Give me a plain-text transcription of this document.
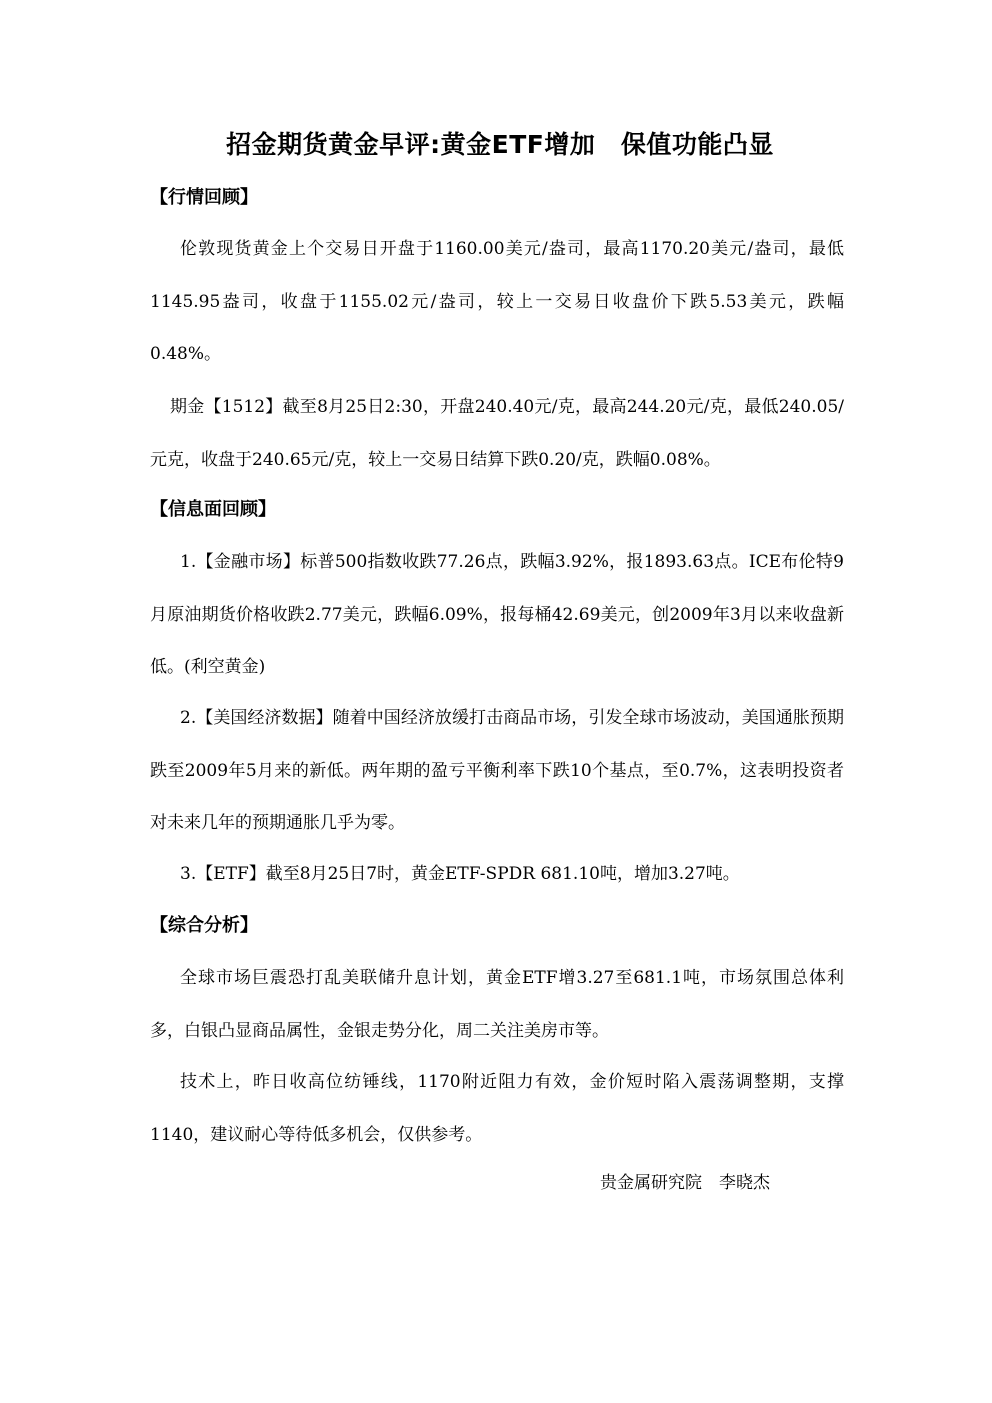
招金期货黄金早评:黄金ETF增加　保值功能凸显
【行情回顾】
伦敦现货黄金上个交易日开盘于1160.00美元/盎司，最高1170.20美元/盎司，最低1145.95盎司，收盘于1155.02元/盎司，较上一交易日收盘价下跌5.53美元，跌幅0.48%。
期金【1512】截至8月25日2:30，开盘240.40元/克，最高244.20元/克，最低240.05/元克，收盘于240.65元/克，较上一交易日结算下跌0.20/克，跌幅0.08%。
【信息面回顾】
1.【金融市场】标普500指数收跌77.26点，跌幅3.92%，报1893.63点。ICE布伦特9月原油期货价格收跌2.77美元，跌幅6.09%，报每桶42.69美元，创2009年3月以来收盘新低。(利空黄金)
2.【美国经济数据】随着中国经济放缓打击商品市场，引发全球市场波动，美国通胀预期跌至2009年5月来的新低。两年期的盈亏平衡利率下跌10个基点，至0.7%，这表明投资者对未来几年的预期通胀几乎为零。
3.【ETF】截至8月25日7时，黄金ETF-SPDR 681.10吨，增加3.27吨。
【综合分析】
全球市场巨震恐打乱美联储升息计划，黄金ETF增3.27至681.1吨，市场氛围总体利多，白银凸显商品属性，金银走势分化，周二关注美房市等。
技术上，昨日收高位纺锤线，1170附近阻力有效，金价短时陷入震荡调整期，支撑1140，建议耐心等待低多机会，仅供参考。
贵金属研究院　李晓杰
